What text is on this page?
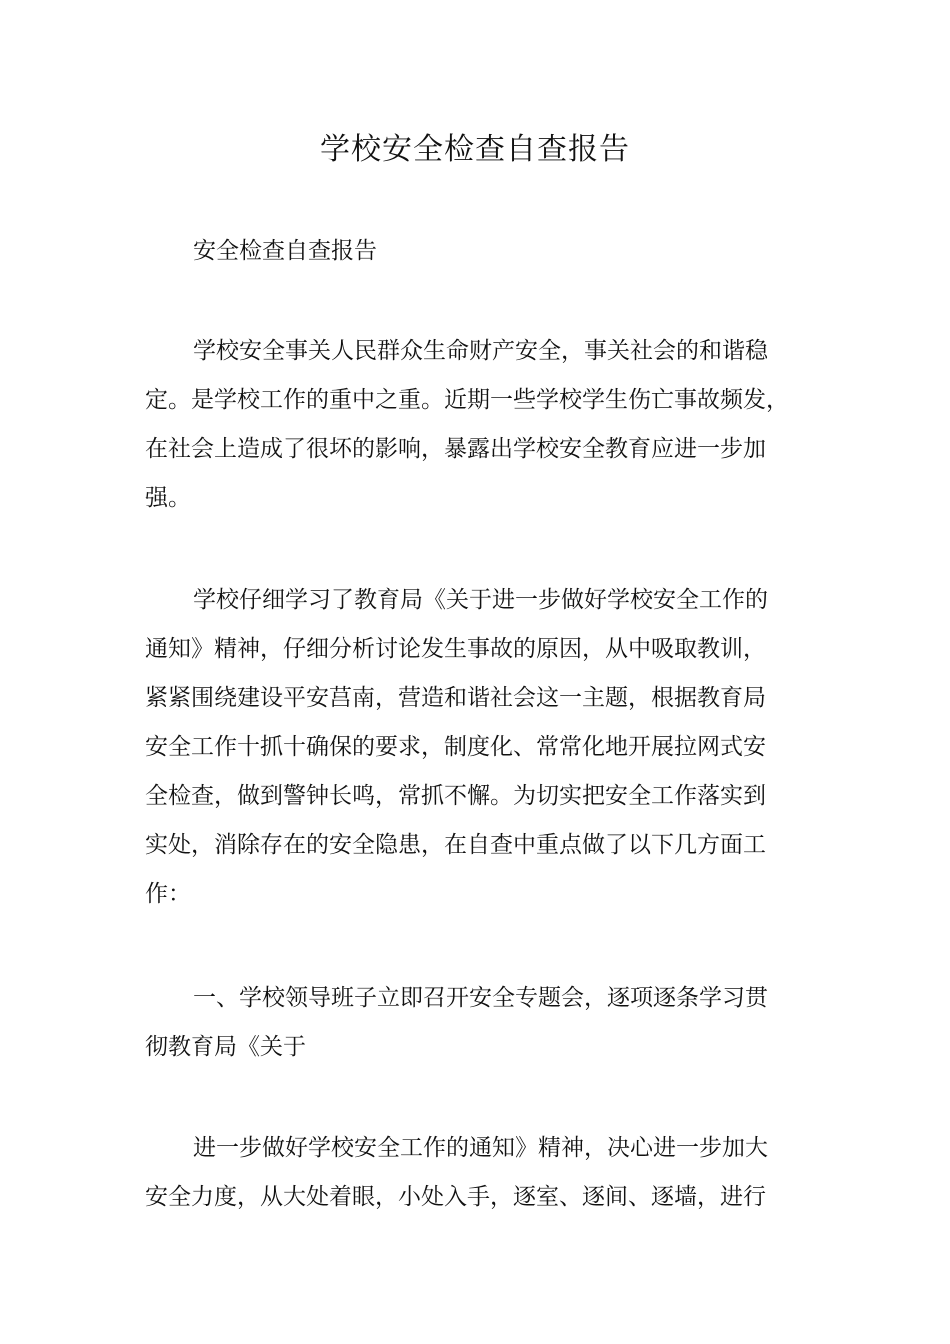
学校安全检查自查报告

安全检查自查报告

学校安全事关人民群众生命财产安全，事关社会的和谐稳
定。是学校工作的重中之重。近期一些学校学生伤亡事故频发，
在社会上造成了很坏的影响，暴露出学校安全教育应进一步加
强。

学校仔细学习了教育局《关于进一步做好学校安全工作的
通知》精神，仔细分析讨论发生事故的原因，从中吸取教训，
紧紧围绕建设平安莒南，营造和谐社会这一主题，根据教育局
安全工作十抓十确保的要求，制度化、常常化地开展拉网式安
全检查，做到警钟长鸣，常抓不懈。为切实把安全工作落实到
实处，消除存在的安全隐患，在自查中重点做了以下几方面工
作：

一、学校领导班子立即召开安全专题会，逐项逐条学习贯
彻教育局《关于

进一步做好学校安全工作的通知》精神，决心进一步加大
安全力度，从大处着眼，小处入手，逐室、逐间、逐墙，进行
